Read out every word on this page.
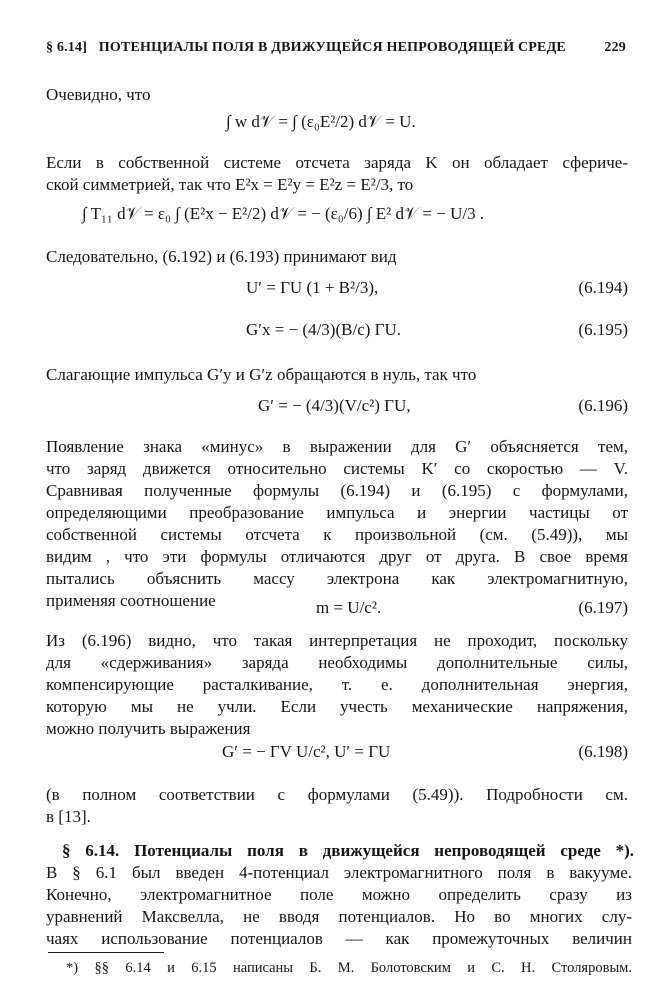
§ 6.14] ПОТЕНЦИАЛЫ ПОЛЯ В ДВИЖУЩЕЙСЯ НЕПРОВОДЯЩЕЙ СРЕДЕ	229
Очевидно, что
∫ w d𝒱 = ∫ (ε₀E²/2) d𝒱 = U.
Если в собственной системе отсчета заряда K он обладает сфериче-
ской симметрией, так что E²x = E²y = E²z = E²/3, то
∫ T₁₁ d𝒱 = ε₀ ∫ (E²x − E²/2) d𝒱 = − (ε₀/6) ∫ E² d𝒱 = − U/3 .
Следовательно, (6.192) и (6.193) принимают вид
U′ = ΓU (1 + B²/3),	(6.194)
G′x = − (4/3)(B/c) ΓU.	(6.195)
Слагающие импульса G′y и G′z обращаются в нуль, так что
G′ = − (4/3)(V/c²) ΓU,	(6.196)
Появление знака «минус» в выражении для G′ объясняется тем,
что заряд движется относительно системы K′ со скоростью — V.
Сравнивая полученные формулы (6.194) и (6.195) с формулами,
определяющими преобразование импульса и энергии частицы от
собственной системы отсчета к произвольной (см. (5.49)), мы
видим , что эти формулы отличаются друг от друга. В свое время
пытались объяснить массу электрона как электромагнитную,
применяя соотношение	m = U/c².	(6.197)
Из (6.196) видно, что такая интерпретация не проходит, поскольку
для «сдерживания» заряда необходимы дополнительные силы,
компенсирующие расталкивание, т. е. дополнительная энергия,
которую мы не учли. Если учесть механические напряжения,
можно получить выражения
G′ = − ΓV U/c², U′ = ΓU	(6.198)
(в полном соответствии с формулами (5.49)). Подробности см.
в [13].
§ 6.14. Потенциалы поля в движущейся непроводящей среде *).
В § 6.1 был введен 4-потенциал электромагнитного поля в вакууме.
Конечно, электромагнитное поле можно определить сразу из
уравнений Максвелла, не вводя потенциалов. Но во многих слу-
чаях использование потенциалов — как промежуточных величин
*) §§ 6.14 и 6.15 написаны Б. М. Болотовским и С. Н. Столяровым.
